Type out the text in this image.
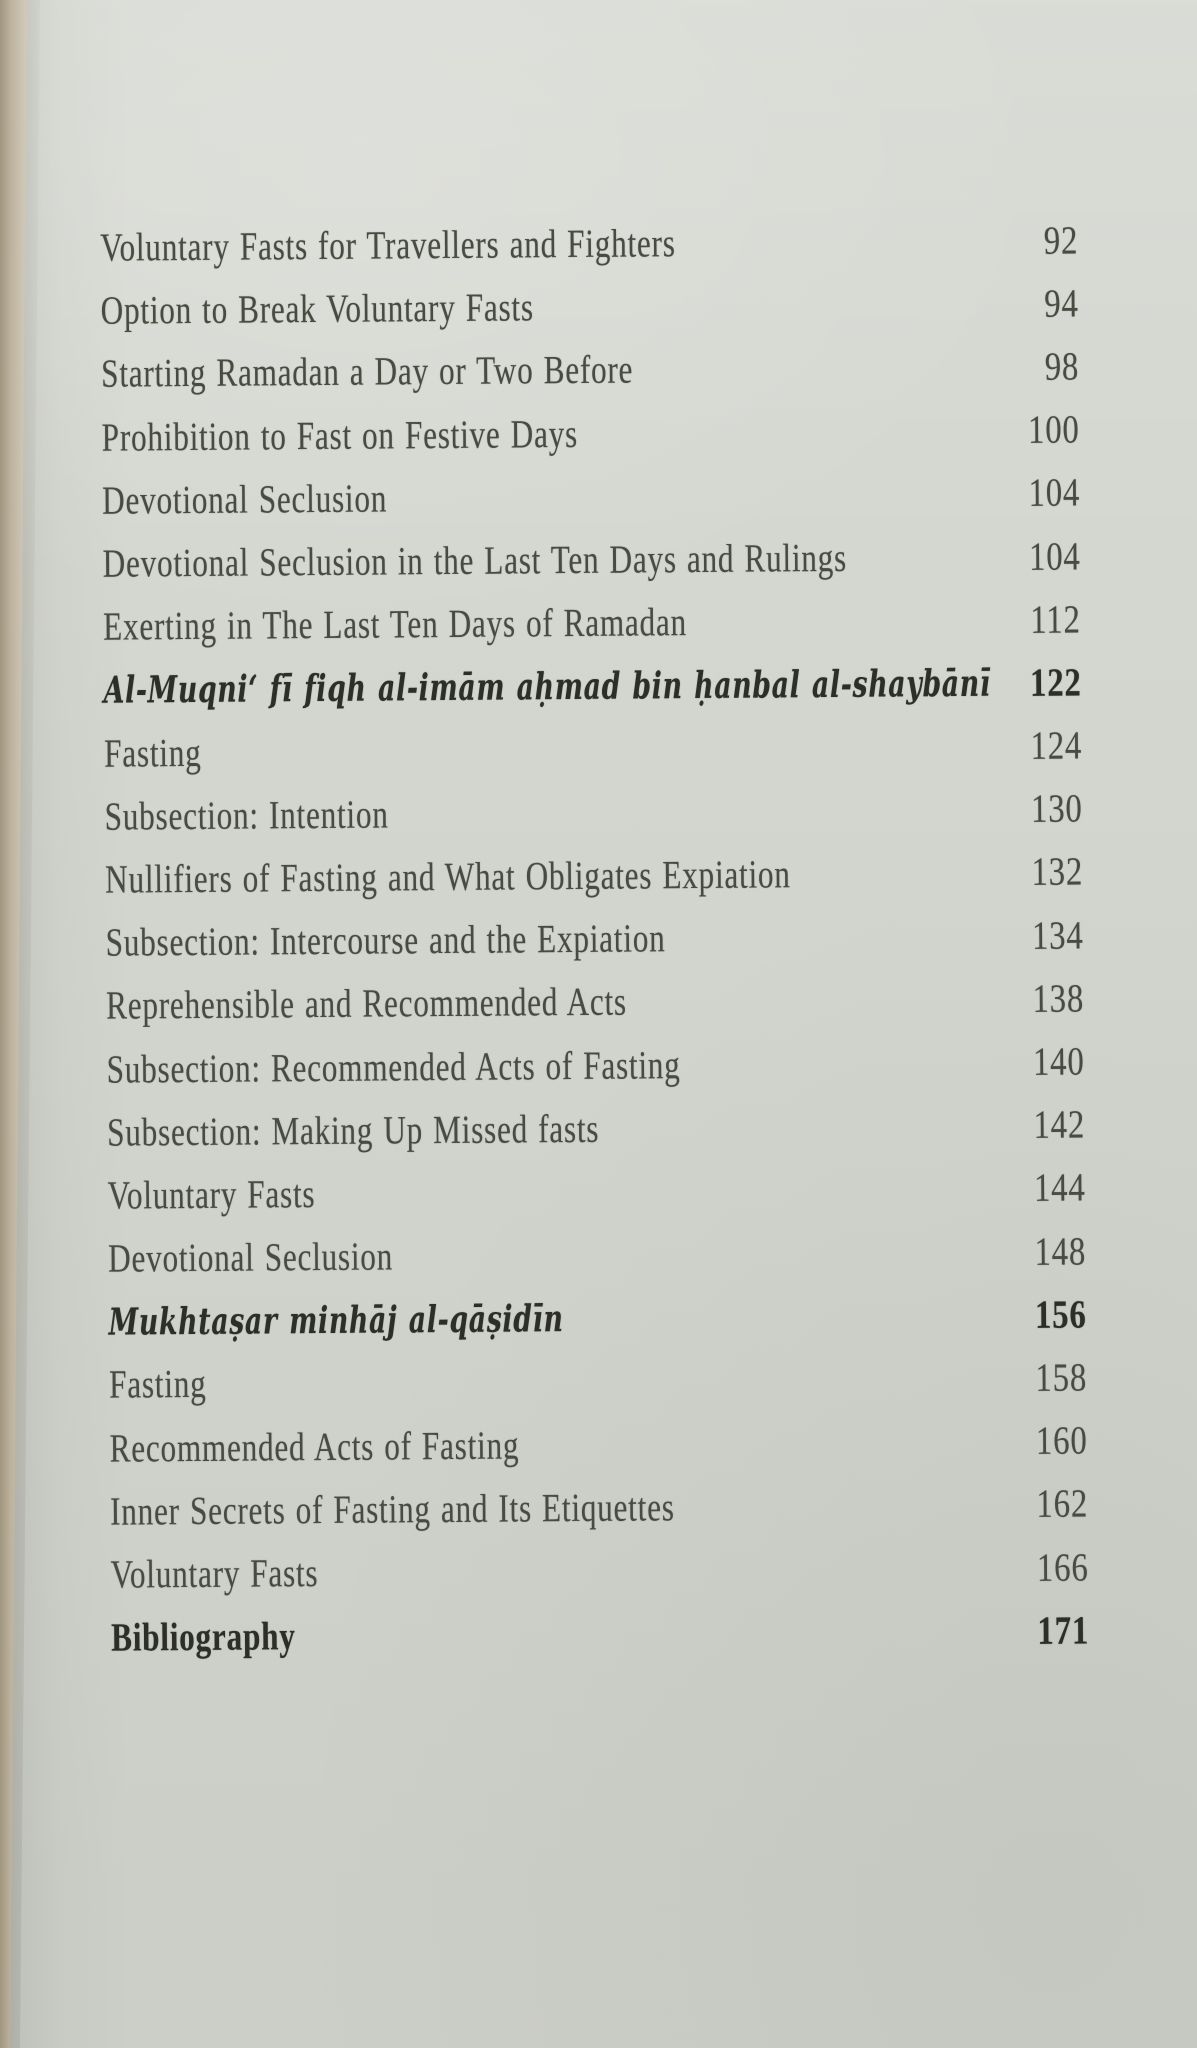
Voluntary Fasts for Travellers and Fighters	92
Option to Break Voluntary Fasts	94
Starting Ramadan a Day or Two Before	98
Prohibition to Fast on Festive Days	100
Devotional Seclusion	104
Devotional Seclusion in the Last Ten Days and Rulings	104
Exerting in The Last Ten Days of Ramadan	112
Al-Muqni‘ fī fiqh al-imām aḥmad bin ḥanbal al-shaybānī 122
Fasting	124
Subsection: Intention	130
Nullifiers of Fasting and What Obligates Expiation	132
Subsection: Intercourse and the Expiation	134
Reprehensible and Recommended Acts	138
Subsection: Recommended Acts of Fasting	140
Subsection: Making Up Missed fasts	142
Voluntary Fasts	144
Devotional Seclusion	148
Mukhtaṣar minhāj al-qāṣidīn	156
Fasting	158
Recommended Acts of Fasting	160
Inner Secrets of Fasting and Its Etiquettes	162
Voluntary Fasts	166
Bibliography	171
